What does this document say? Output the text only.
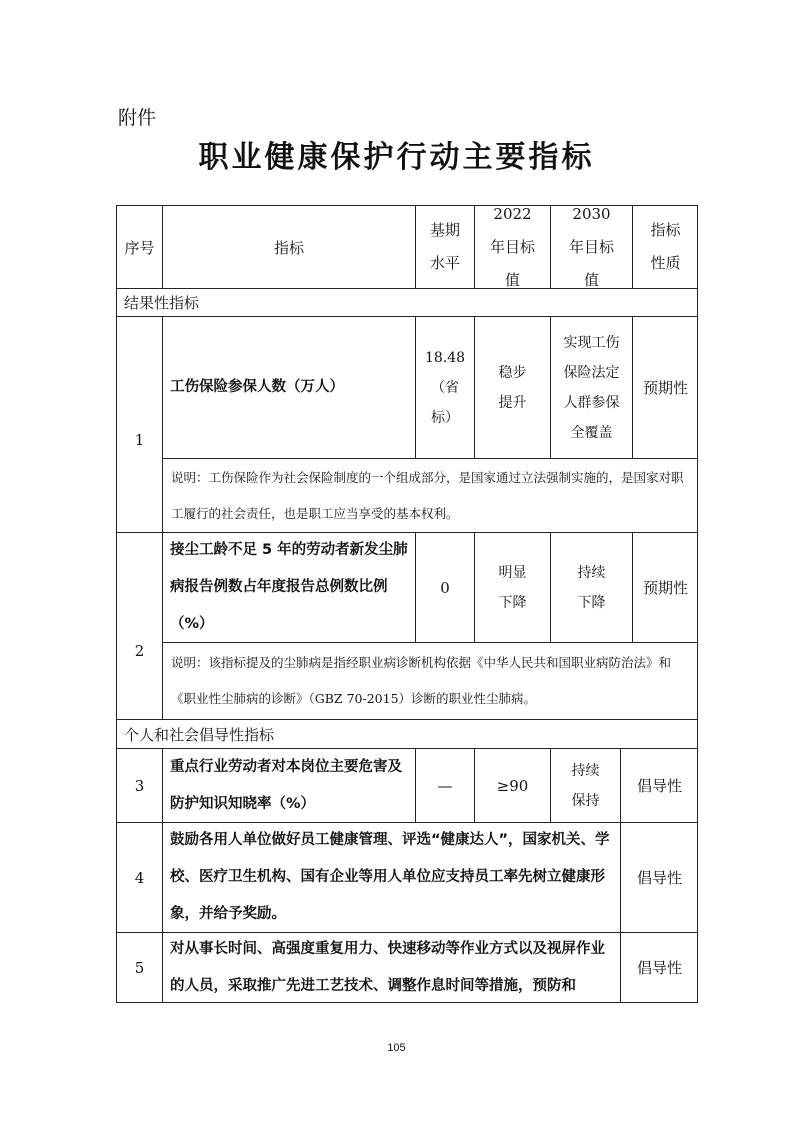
附件
职业健康保护行动主要指标
序号	指标
基期水平
2022 年目标值
2030 年目标值
指标性质
结果性指标
1
工伤保险参保人数（万人）
18.48（省标）
稳步提升
实现工伤保险法定人群参保全覆盖
预期性
说明：工伤保险作为社会保险制度的一个组成部分，是国家通过立法强制实施的，是国家对职工履行的社会责任，也是职工应当享受的基本权利。
2
接尘工龄不足 5 年的劳动者新发尘肺病报告例数占年度报告总例数比例（%）
0
明显下降
持续下降
预期性
说明：该指标提及的尘肺病是指经职业病诊断机构依据《中华人民共和国职业病防治法》和《职业性尘肺病的诊断》（GBZ 70-2015）诊断的职业性尘肺病。
个人和社会倡导性指标
3
重点行业劳动者对本岗位主要危害及防护知识知晓率（%）
—	≥90
持续保持
倡导性
4
鼓励各用人单位做好员工健康管理、评选“健康达人”，国家机关、学校、医疗卫生机构、国有企业等用人单位应支持员工率先树立健康形象，并给予奖励。
倡导性
5
对从事长时间、高强度重复用力、快速移动等作业方式以及视屏作业的人员，采取推广先进工艺技术、调整作息时间等措施，预防和
倡导性
105
